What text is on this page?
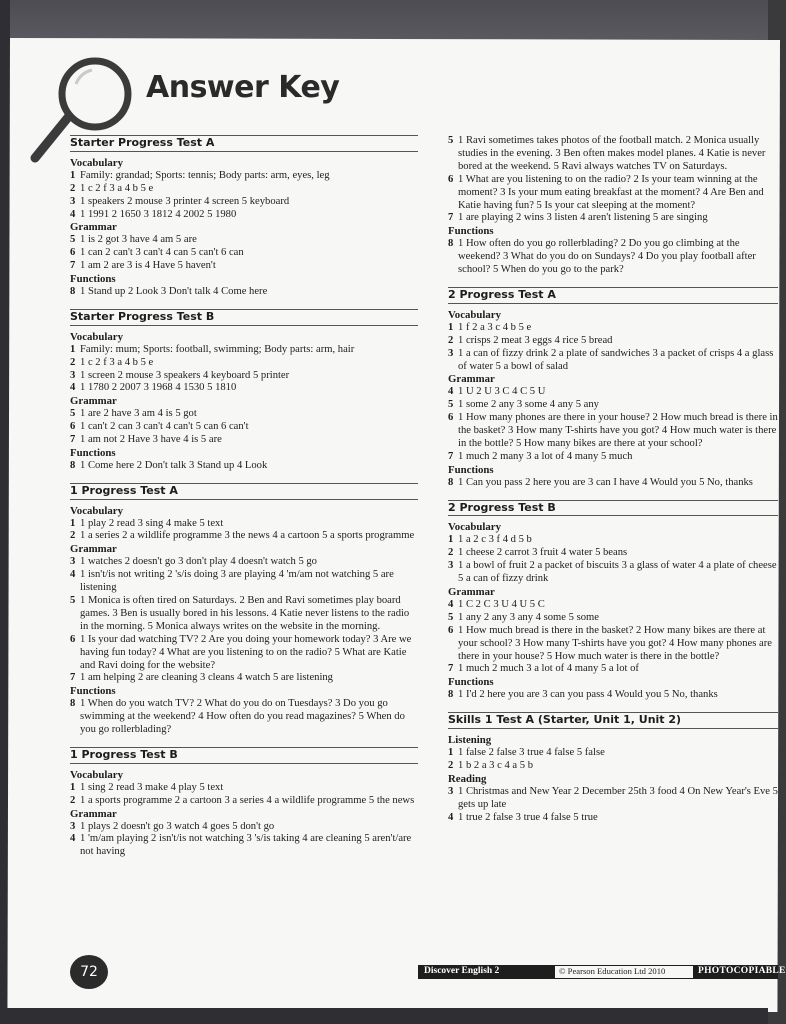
Answer Key
Starter Progress Test A
Vocabulary
1 Family: grandad; Sports: tennis; Body parts: arm, eyes, leg
2 1 c 2 f 3 a 4 b 5 e
3 1 speakers 2 mouse 3 printer 4 screen 5 keyboard
4 1 1991 2 1650 3 1812 4 2002 5 1980
Grammar
5 1 is 2 got 3 have 4 am 5 are
6 1 can 2 can't 3 can't 4 can 5 can't 6 can
7 1 am 2 are 3 is 4 Have 5 haven't
Functions
8 1 Stand up 2 Look 3 Don't talk 4 Come here
Starter Progress Test B
Vocabulary
1 Family: mum; Sports: football, swimming; Body parts: arm, hair
2 1 c 2 f 3 a 4 b 5 e
3 1 screen 2 mouse 3 speakers 4 keyboard 5 printer
4 1 1780 2 2007 3 1968 4 1530 5 1810
Grammar
5 1 are 2 have 3 am 4 is 5 got
6 1 can't 2 can 3 can't 4 can't 5 can 6 can't
7 1 am not 2 Have 3 have 4 is 5 are
Functions
8 1 Come here 2 Don't talk 3 Stand up 4 Look
1 Progress Test A
Vocabulary
1 1 play 2 read 3 sing 4 make 5 text
2 1 a series 2 a wildlife programme 3 the news 4 a cartoon 5 a sports programme
Grammar
3 1 watches 2 doesn't go 3 don't play 4 doesn't watch 5 go
4 1 isn't/is not writing 2 's/is doing 3 are playing 4 'm/am not watching 5 are listening
5 1 Monica is often tired on Saturdays. 2 Ben and Ravi sometimes play board games. 3 Ben is usually bored in his lessons. 4 Katie never listens to the radio in the morning. 5 Monica always writes on the website in the morning.
6 1 Is your dad watching TV? 2 Are you doing your homework today? 3 Are we having fun today? 4 What are you listening to on the radio? 5 What are Katie and Ravi doing for the website?
7 1 am helping 2 are cleaning 3 cleans 4 watch 5 are listening
Functions
8 1 When do you watch TV? 2 What do you do on Tuesdays? 3 Do you go swimming at the weekend? 4 How often do you read magazines? 5 When do you go rollerblading?
1 Progress Test B
Vocabulary
1 1 sing 2 read 3 make 4 play 5 text
2 1 a sports programme 2 a cartoon 3 a series 4 a wildlife programme 5 the news
Grammar
3 1 plays 2 doesn't go 3 watch 4 goes 5 don't go
4 1 'm/am playing 2 isn't/is not watching 3 's/is taking 4 are cleaning 5 aren't/are not having
5 1 Ravi sometimes takes photos of the football match. 2 Monica usually studies in the evening. 3 Ben often makes model planes. 4 Katie is never bored at the weekend. 5 Ravi always watches TV on Saturdays.
6 1 What are you listening to on the radio? 2 Is your team winning at the moment? 3 Is your mum eating breakfast at the moment? 4 Are Ben and Katie having fun? 5 Is your cat sleeping at the moment?
7 1 are playing 2 wins 3 listen 4 aren't listening 5 are singing
Functions
8 1 How often do you go rollerblading? 2 Do you go climbing at the weekend? 3 What do you do on Sundays? 4 Do you play football after school? 5 When do you go to the park?
2 Progress Test A
Vocabulary
1 1 f 2 a 3 c 4 b 5 e
2 1 crisps 2 meat 3 eggs 4 rice 5 bread
3 1 a can of fizzy drink 2 a plate of sandwiches 3 a packet of crisps 4 a glass of water 5 a bowl of salad
Grammar
4 1 U 2 U 3 C 4 C 5 U
5 1 some 2 any 3 some 4 any 5 any
6 1 How many phones are there in your house? 2 How much bread is there in the basket? 3 How many T-shirts have you got? 4 How much water is there in the bottle? 5 How many bikes are there at your school?
7 1 much 2 many 3 a lot of 4 many 5 much
Functions
8 1 Can you pass 2 here you are 3 can I have 4 Would you 5 No, thanks
2 Progress Test B
Vocabulary
1 1 a 2 c 3 f 4 d 5 b
2 1 cheese 2 carrot 3 fruit 4 water 5 beans
3 1 a bowl of fruit 2 a packet of biscuits 3 a glass of water 4 a plate of cheese 5 a can of fizzy drink
Grammar
4 1 C 2 C 3 U 4 U 5 C
5 1 any 2 any 3 any 4 some 5 some
6 1 How much bread is there in the basket? 2 How many bikes are there at your school? 3 How many T-shirts have you got? 4 How many phones are there in your house? 5 How much water is there in the bottle?
7 1 much 2 much 3 a lot of 4 many 5 a lot of
Functions
8 1 I'd 2 here you are 3 can you pass 4 Would you 5 No, thanks
Skills 1 Test A (Starter, Unit 1, Unit 2)
Listening
1 1 false 2 false 3 true 4 false 5 false
2 1 b 2 a 3 c 4 a 5 b
Reading
3 1 Christmas and New Year 2 December 25th 3 food 4 On New Year's Eve 5 gets up late
4 1 true 2 false 3 true 4 false 5 true
72	Discover English 2	© Pearson Education Ltd 2010	PHOTOCOPIABLE
